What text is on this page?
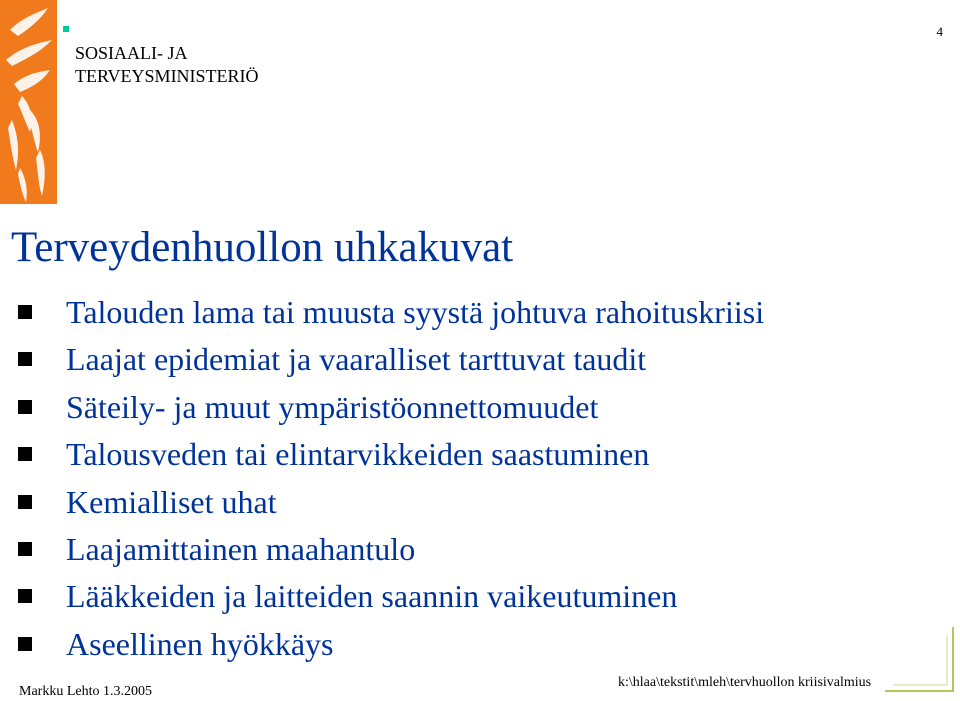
SOSIAALI- JA
TERVEYSMINISTERIÖ
4
Terveydenhuollon uhkakuvat
Talouden lama tai muusta syystä johtuva rahoituskriisi
Laajat epidemiat ja vaaralliset tarttuvat taudit
Säteily- ja muut ympäristöonnettomuudet
Talousveden tai elintarvikkeiden saastuminen
Kemialliset uhat
Laajamittainen maahantulo
Lääkkeiden ja laitteiden saannin vaikeutuminen
Aseellinen hyökkäys
Markku Lehto 1.3.2005
k:\hlaa\tekstit\mleh\tervhuollon kriisivalmius
